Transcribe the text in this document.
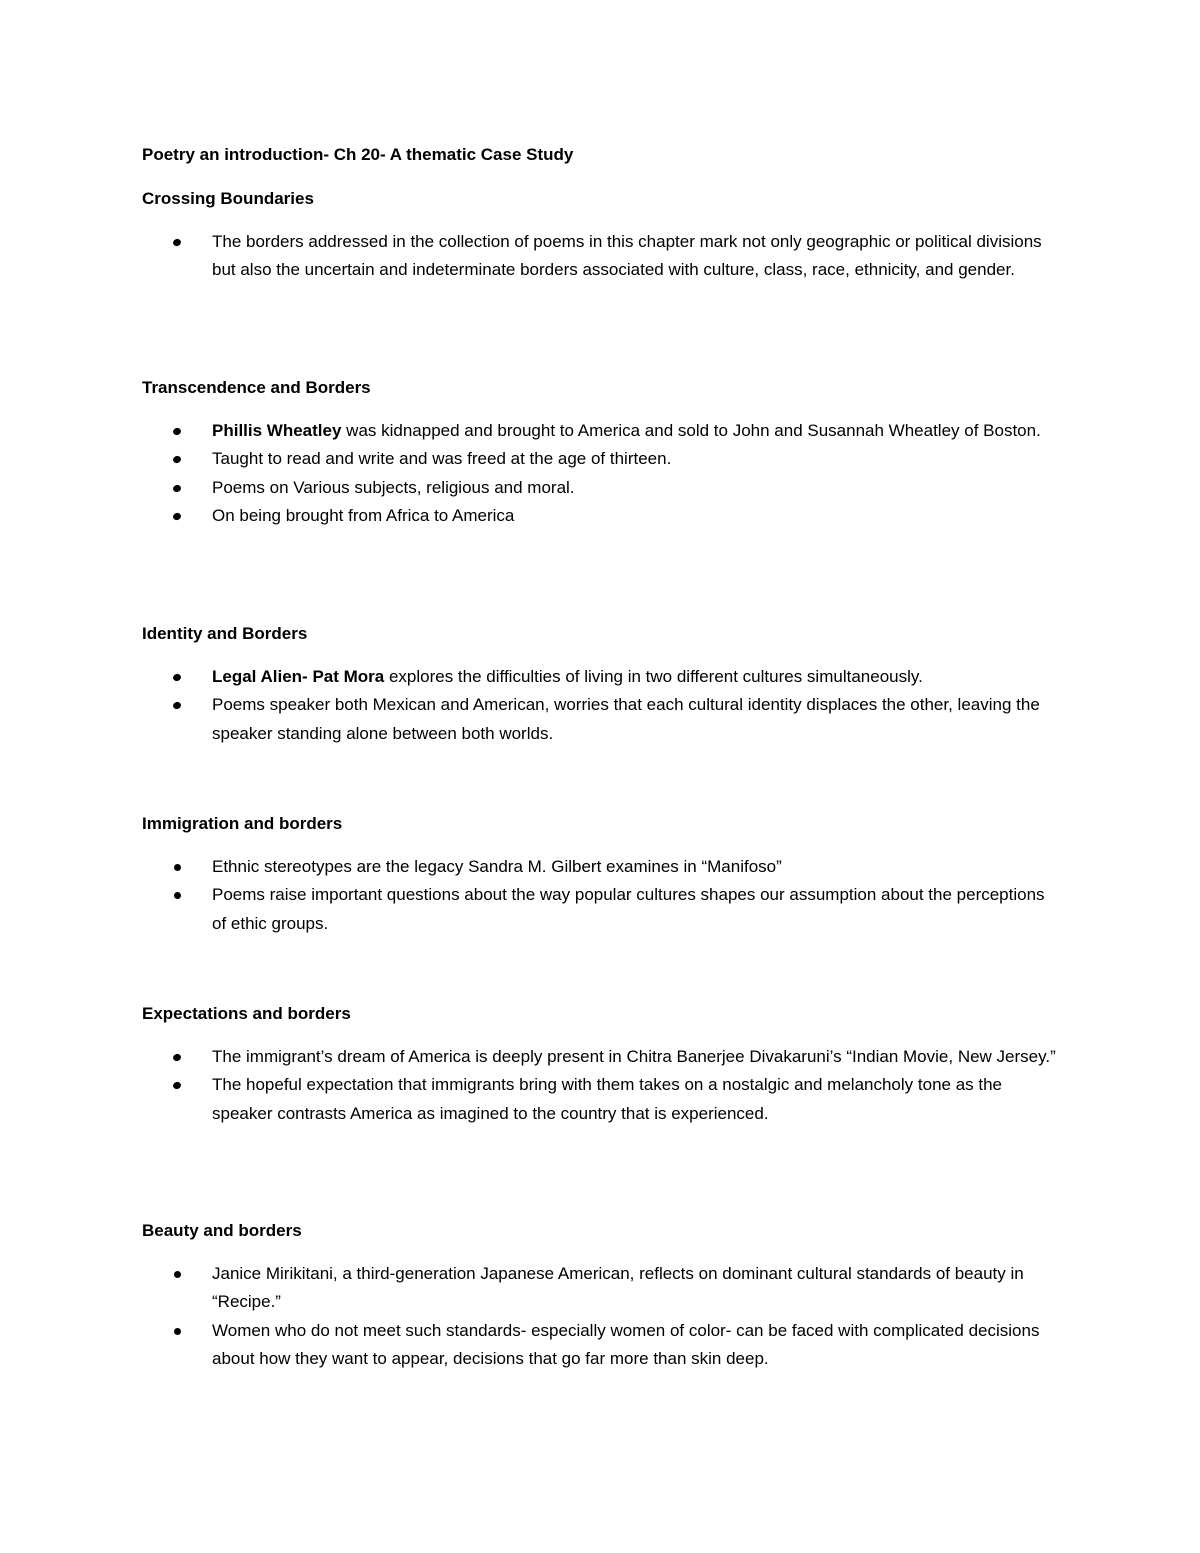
Poetry an introduction- Ch 20- A thematic Case Study
Crossing Boundaries
The borders addressed in the collection of poems in this chapter mark not only geographic or political divisions but also the uncertain and indeterminate borders associated with culture, class, race, ethnicity, and gender.
Transcendence and Borders
Phillis Wheatley was kidnapped and brought to America and sold to John and Susannah Wheatley of Boston.
Taught to read and write and was freed at the age of thirteen.
Poems on Various subjects, religious and moral.
On being brought from Africa to America
Identity and Borders
Legal Alien- Pat Mora explores the difficulties of living in two different cultures simultaneously.
Poems speaker both Mexican and American, worries that each cultural identity displaces the other, leaving the speaker standing alone between both worlds.
Immigration and borders
Ethnic stereotypes are the legacy Sandra M. Gilbert examines in “Manifoso”
Poems raise important questions about the way popular cultures shapes our assumption about the perceptions of ethic groups.
Expectations and borders
The immigrant’s dream of America is deeply present in Chitra Banerjee Divakaruni’s “Indian Movie, New Jersey.”
The hopeful expectation that immigrants bring with them takes on a nostalgic and melancholy tone as the speaker contrasts America as imagined to the country that is experienced.
Beauty and borders
Janice Mirikitani, a third-generation Japanese American, reflects on dominant cultural standards of beauty in “Recipe.”
Women who do not meet such standards- especially women of color- can be faced with complicated decisions about how they want to appear, decisions that go far more than skin deep.
